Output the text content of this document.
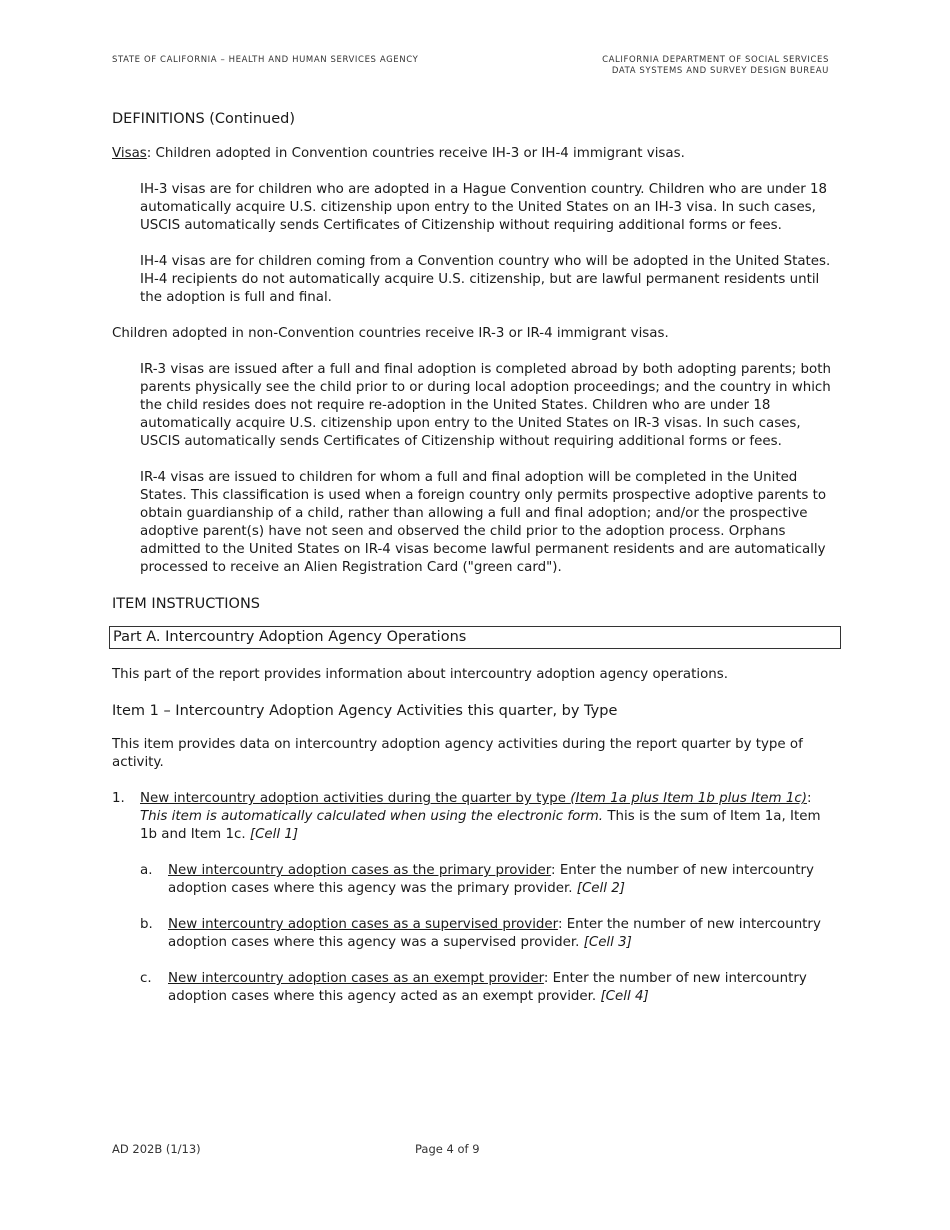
STATE OF CALIFORNIA – HEALTH AND HUMAN SERVICES AGENCY	CALIFORNIA DEPARTMENT OF SOCIAL SERVICES
DATA SYSTEMS AND SURVEY DESIGN BUREAU
DEFINITIONS (Continued)

Visas: Children adopted in Convention countries receive IH-3 or IH-4 immigrant visas.

IH-3 visas are for children who are adopted in a Hague Convention country. Children who are under 18 automatically acquire U.S. citizenship upon entry to the United States on an IH-3 visa. In such cases, USCIS automatically sends Certificates of Citizenship without requiring additional forms or fees.

IH-4 visas are for children coming from a Convention country who will be adopted in the United States. IH-4 recipients do not automatically acquire U.S. citizenship, but are lawful permanent residents until the adoption is full and final.

Children adopted in non-Convention countries receive IR-3 or IR-4 immigrant visas.

IR-3 visas are issued after a full and final adoption is completed abroad by both adopting parents; both parents physically see the child prior to or during local adoption proceedings; and the country in which the child resides does not require re-adoption in the United States. Children who are under 18 automatically acquire U.S. citizenship upon entry to the United States on IR-3 visas. In such cases, USCIS automatically sends Certificates of Citizenship without requiring additional forms or fees.

IR-4 visas are issued to children for whom a full and final adoption will be completed in the United States. This classification is used when a foreign country only permits prospective adoptive parents to obtain guardianship of a child, rather than allowing a full and final adoption; and/or the prospective adoptive parent(s) have not seen and observed the child prior to the adoption process. Orphans admitted to the United States on IR-4 visas become lawful permanent residents and are automatically processed to receive an Alien Registration Card ("green card").

ITEM INSTRUCTIONS
Part A. Intercountry Adoption Agency Operations

This part of the report provides information about intercountry adoption agency operations.

Item 1 – Intercountry Adoption Agency Activities this quarter, by Type

This item provides data on intercountry adoption agency activities during the report quarter by type of activity.

1. New intercountry adoption activities during the quarter by type (Item 1a plus Item 1b plus Item 1c): This item is automatically calculated when using the electronic form. This is the sum of Item 1a, Item 1b and Item 1c. [Cell 1]
a. New intercountry adoption cases as the primary provider: Enter the number of new intercountry adoption cases where this agency was the primary provider. [Cell 2]
b. New intercountry adoption cases as a supervised provider: Enter the number of new intercountry adoption cases where this agency was a supervised provider. [Cell 3]
c. New intercountry adoption cases as an exempt provider: Enter the number of new intercountry adoption cases where this agency acted as an exempt provider. [Cell 4]
AD 202B (1/13)	Page 4 of 9
